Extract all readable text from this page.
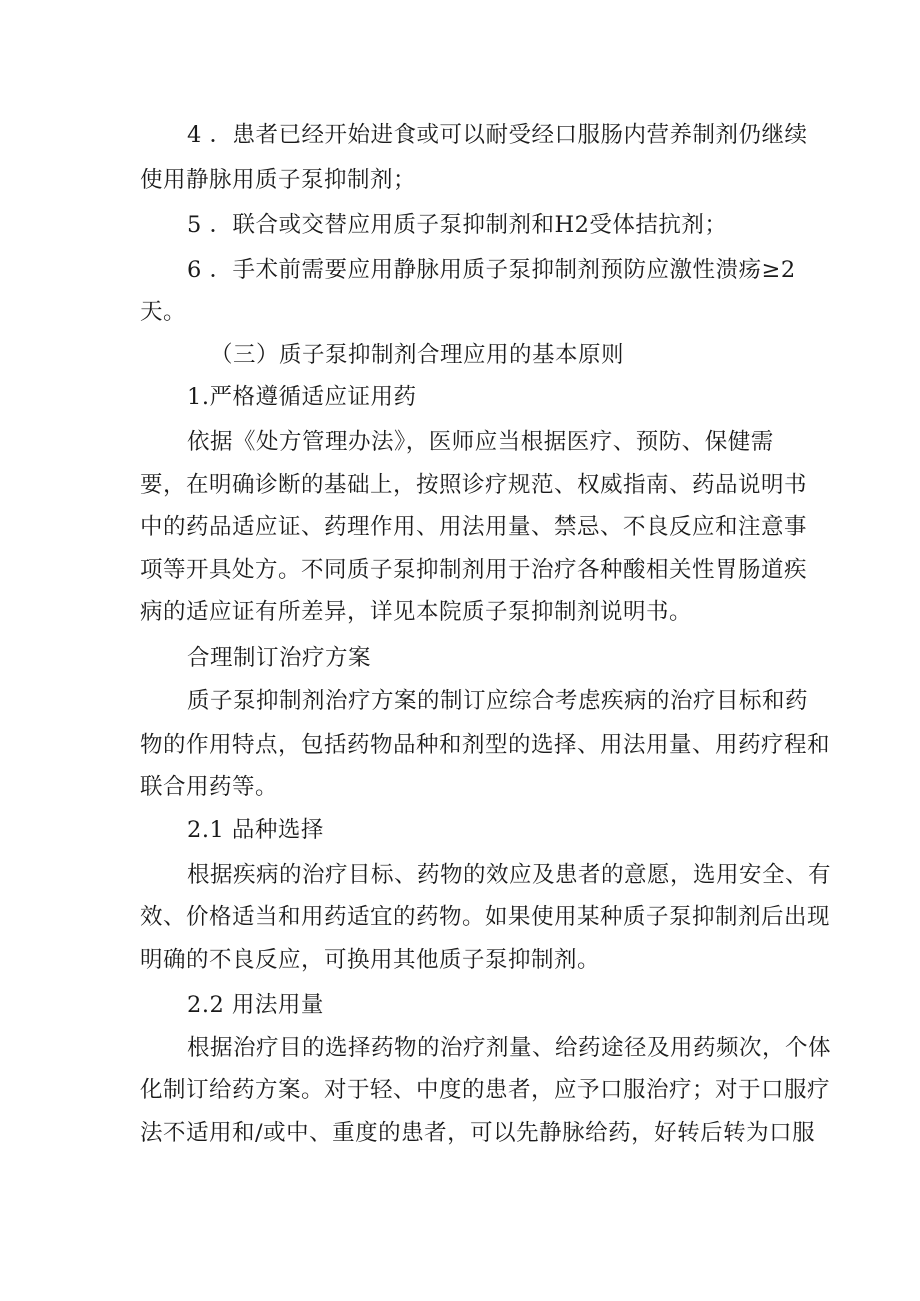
4 ．患者已经开始进食或可以耐受经口服肠内营养制剂仍继续
使用静脉用质子泵抑制剂；
5 ．联合或交替应用质子泵抑制剂和H2受体拮抗剂；
6 ．手术前需要应用静脉用质子泵抑制剂预防应激性溃疡≥2
天。
（三）质子泵抑制剂合理应用的基本原则
1.严格遵循适应证用药
依据《处方管理办法》，医师应当根据医疗、预防、保健需
要，在明确诊断的基础上，按照诊疗规范、权威指南、药品说明书
中的药品适应证、药理作用、用法用量、禁忌、不良反应和注意事
项等开具处方。不同质子泵抑制剂用于治疗各种酸相关性胃肠道疾
病的适应证有所差异，详见本院质子泵抑制剂说明书。
合理制订治疗方案
质子泵抑制剂治疗方案的制订应综合考虑疾病的治疗目标和药
物的作用特点，包括药物品种和剂型的选择、用法用量、用药疗程和
联合用药等。
2.1 品种选择
根据疾病的治疗目标、药物的效应及患者的意愿，选用安全、有
效、价格适当和用药适宜的药物。如果使用某种质子泵抑制剂后出现
明确的不良反应，可换用其他质子泵抑制剂。
2.2 用法用量
根据治疗目的选择药物的治疗剂量、给药途径及用药频次，个体
化制订给药方案。对于轻、中度的患者，应予口服治疗；对于口服疗
法不适用和/或中、重度的患者，可以先静脉给药，好转后转为口服
